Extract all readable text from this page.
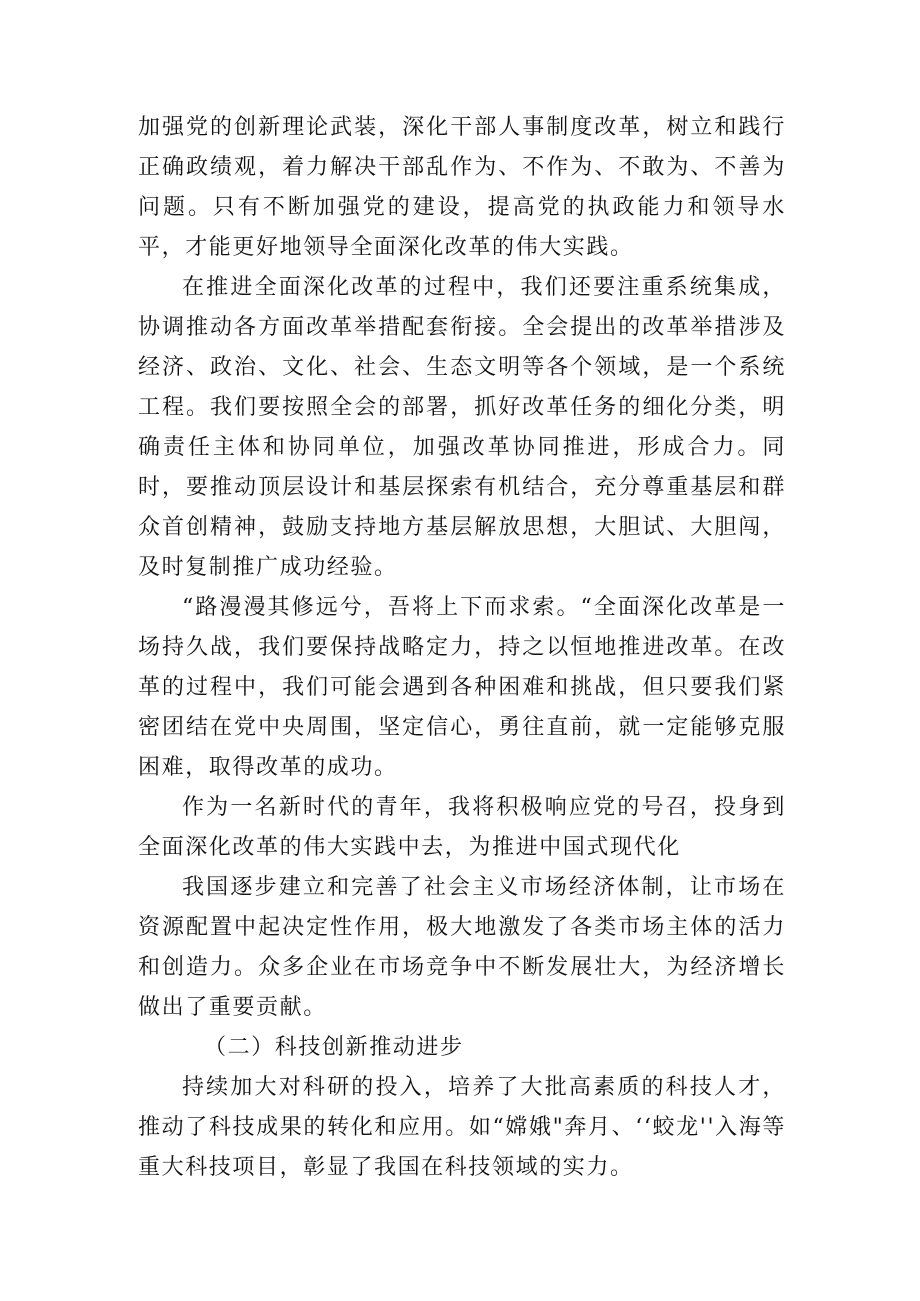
加强党的创新理论武装，深化干部人事制度改革，树立和践行正确政绩观，着力解决干部乱作为、不作为、不敢为、不善为问题。只有不断加强党的建设，提高党的执政能力和领导水平，才能更好地领导全面深化改革的伟大实践。

在推进全面深化改革的过程中，我们还要注重系统集成，协调推动各方面改革举措配套衔接。全会提出的改革举措涉及经济、政治、文化、社会、生态文明等各个领域，是一个系统工程。我们要按照全会的部署，抓好改革任务的细化分类，明确责任主体和协同单位，加强改革协同推进，形成合力。同时，要推动顶层设计和基层探索有机结合，充分尊重基层和群众首创精神，鼓励支持地方基层解放思想，大胆试、大胆闯，及时复制推广成功经验。

“路漫漫其修远兮，吾将上下而求索。“全面深化改革是一场持久战，我们要保持战略定力，持之以恒地推进改革。在改革的过程中，我们可能会遇到各种困难和挑战，但只要我们紧密团结在党中央周围，坚定信心，勇往直前，就一定能够克服困难，取得改革的成功。

作为一名新时代的青年，我将积极响应党的号召，投身到全面深化改革的伟大实践中去，为推进中国式现代化

我国逐步建立和完善了社会主义市场经济体制，让市场在资源配置中起决定性作用，极大地激发了各类市场主体的活力和创造力。众多企业在市场竞争中不断发展壮大，为经济增长做出了重要贡献。

（二）科技创新推动进步

持续加大对科研的投入，培养了大批高素质的科技人才，推动了科技成果的转化和应用。如“嫦娥"奔月、‘‘蛟龙''入海等重大科技项目，彰显了我国在科技领域的实力。
